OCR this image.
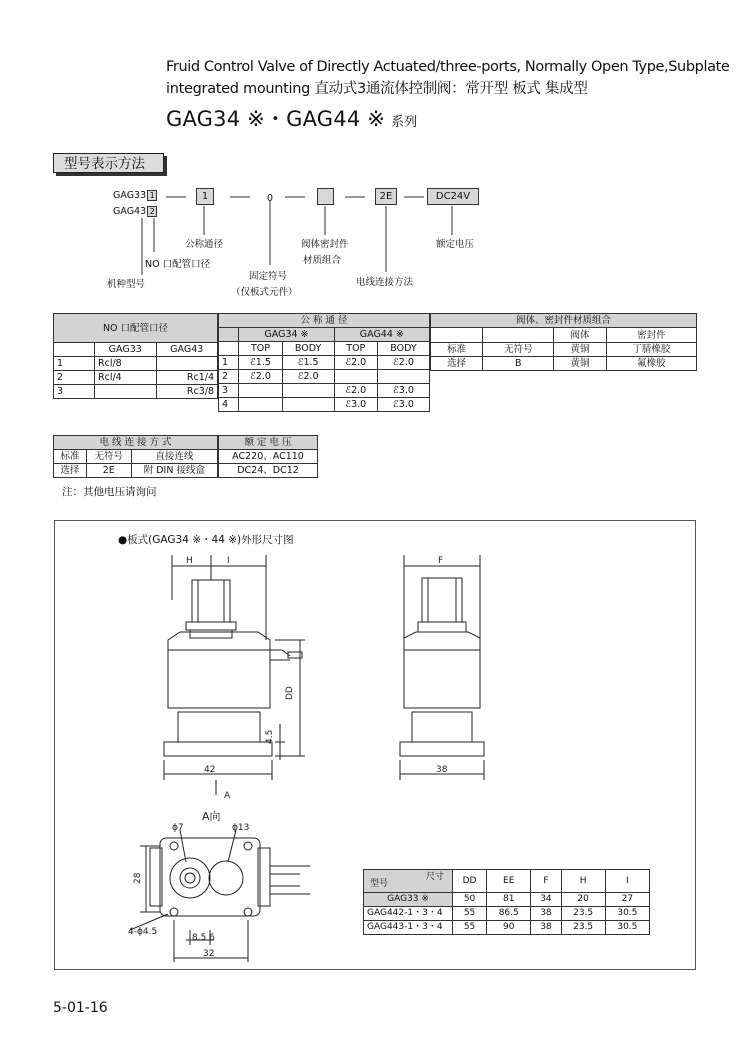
Fruid Control Valve of Directly Actuated/three-ports, Normally Open Type,Subplate
integrated mounting 直动式3通流体控制阀：常开型 板式 集成型
GAG34 ※・GAG44 ※ 系列
型号表示方法
GAG33 1
GAG43 2
1	0	2E	DC24V
机种型号
NO 口配管口径
公称通径
固定符号
（仅板式元件）
阀体密封件
材质组合
电线连接方法
额定电压
NO 口配管口径		
	GAG33	GAG43
1	Rcl/8	
2	Rcl/4	Rc1/4
3		Rc3/8
公 称 通 径				
	GAG34 ※		GAG44 ※	
	TOP	BODY	TOP	BODY
1	ℰ1.5	ℰ1.5	ℰ2.0	ℰ2.0
2	ℰ2.0	ℰ2.0		
3			ℰ2.0	ℰ3.0
4			ℰ3.0	ℰ3.0
阀体、密封件材质组合			
		阀体	密封件
标准	无符号	黄铜	丁腈橡胶
选择	B	黄铜	氟橡胶
电 线 连 接 方 式		
标准	无符号	直接连线
选择	2E	附 DIN 接线盒
额 定 电 压
AC220、AC110
DC24、DC12
注：其他电压请询问
●板式(GAG34 ※・44 ※)外形尺寸图
H	I	F
DD
4.5
42	38
A
A向
ϕ7	ϕ13
28
4-ϕ4.5
8.5 6
32
尺寸
型号	DD	EE	F	H	I
GAG33 ※	50	81	34	20	27
GAG442-1・3・4	55	86.5	38	23.5	30.5
GAG443-1・3・4	55	90	38	23.5	30.5
5-01-16
